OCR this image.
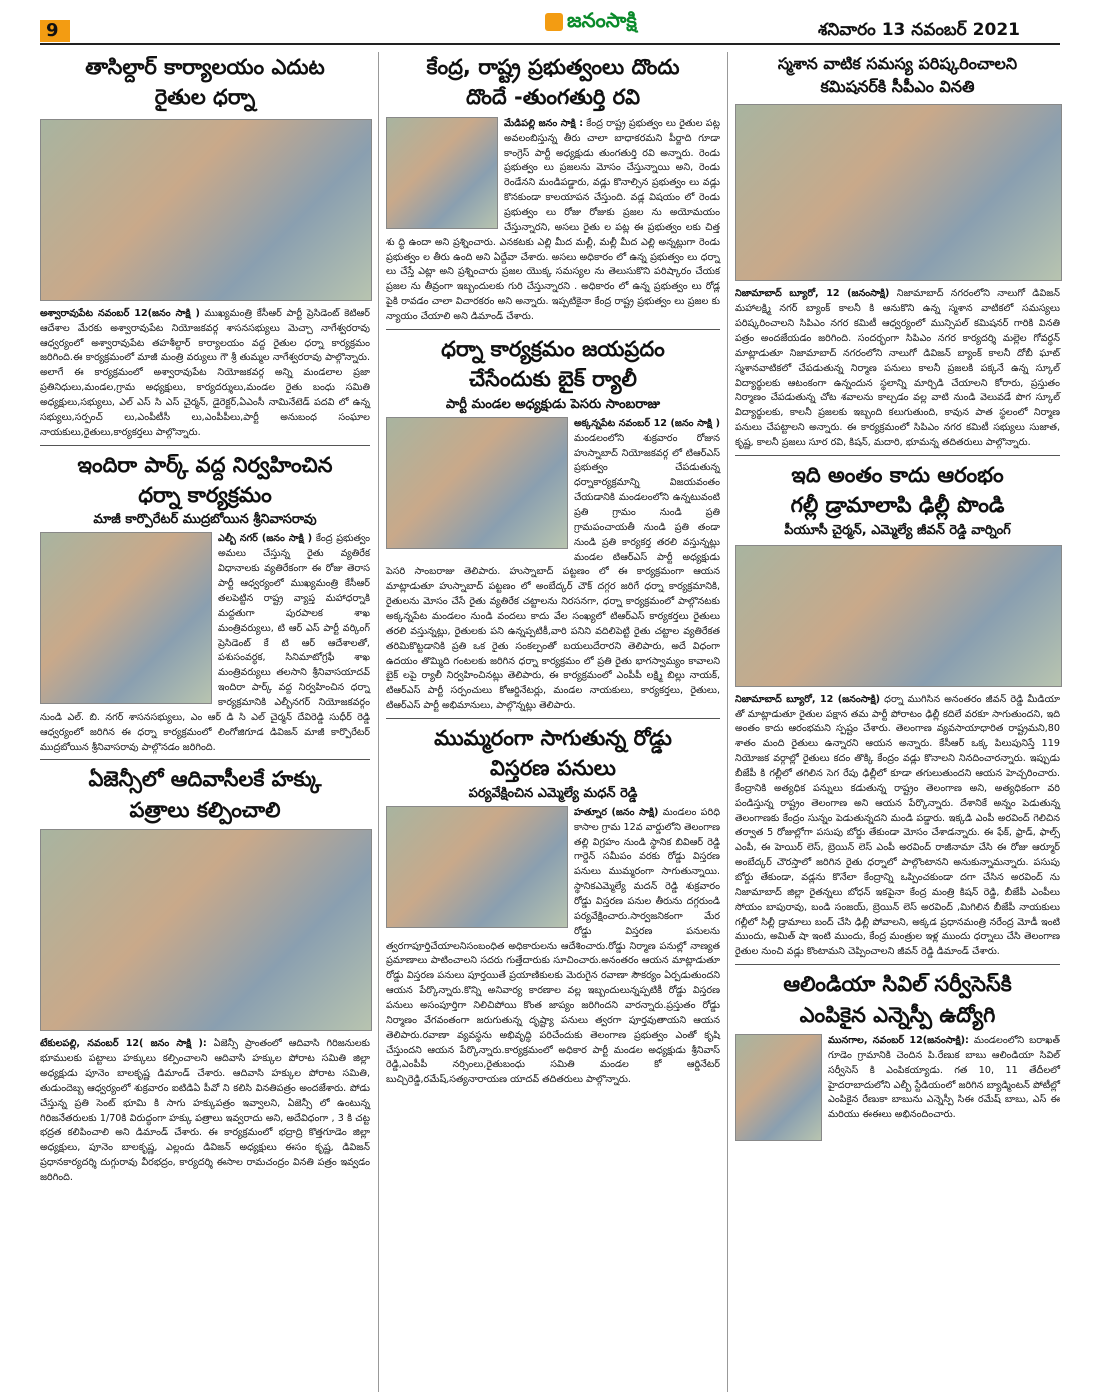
9	జనంసాక్షి	శనివారం 13 నవంబర్ 2021
తాసిల్దార్ కార్యాలయం ఎదుట
రైతుల ధర్నా
అశ్వారావుపేట నవంబర్ 12(జనం సాక్షి ) ముఖ్యమంత్రి కేసీఆర్ పార్టీ ప్రెసిడెంట్ కెటిఆర్ ఆదేశాల మేరకు అశ్వారావుపేట నియోజకవర్గ శాసనసభ్యులు మెచ్చా నాగేశ్వరరావు ఆధ్వర్యంలో అశ్వారావుపేట తహశీల్దార్ కార్యాలయం వద్ద రైతుల ధర్నా కార్యక్రమం జరిగింది.ఈ కార్యక్రమంలో మాజీ మంత్రి వర్యులు గౌ శ్రీ తుమ్మల నాగేశ్వరరావు పాల్గొన్నారు. అలాగే ఈ కార్యక్రమంలో అశ్వారావుపేట నియోజకవర్గ అన్ని మండలాల ప్రజా ప్రతినిధులు,మండల,గ్రామ అధ్యక్షులు, కార్యదర్శులు,మండల రైతు బంధు సమితి అధ్యక్షులు,సభ్యులు, ఎల్ ఎస్ సి ఎస్ చైర్మన్, డైరెక్టర్,ఏఎంసీ నామినేటెడ్ పదవి లో ఉన్న సభ్యులు,సర్పంచ్ లు,ఎంపీటీసీ లు,ఎంపీపీలు,పార్టీ అనుబంధ సంఘాల నాయకులు,రైతులు,కార్యకర్తలు పాల్గొన్నారు.
ఇందిరా పార్క్ వద్ద నిర్వహించిన
ధర్నా కార్యక్రమం
మాజీ కార్పొరేటర్ ముద్రబోయిన శ్రీనివాసరావు
ఎల్బీ నగర్ (జనం సాక్షి ) కేంద్ర ప్రభుత్వం అమలు చేస్తున్న రైతు వ్యతిరేక విధానాలకు వ్యతిరేకంగా ఈ రోజు తెరాస పార్టీ ఆధ్వర్యంలో ముఖ్యమంత్రి కేసీఆర్ తలపెట్టిన రాష్ట్ర వ్యాప్త మహాధర్నాకి మద్దతుగా పురపాలక శాఖ మంత్రివర్యులు, టి ఆర్ ఎస్ పార్టీ వర్కింగ్ ప్రెసిడెంట్ కే టి ఆర్ ఆదేశాలతో, పశుసంవర్ధక, సినిమాటోగ్రఫీ శాఖ మంత్రివర్యులు తలసాని శ్రీనివాసయాదవ్ ఇందిరా పార్క్ వద్ద నిర్వహించిన ధర్నా కార్యక్రమానికి ఎల్బీనగర్ నియోజకవర్గం నుండి ఎల్. బి. నగర్ శాసనసభ్యులు, ఎం ఆర్ డి సి ఎల్ చైర్మన్ దేవిరెడ్డి సుధీర్ రెడ్డి ఆధ్వర్యంలో జరిగిన ఈ ధర్నా కార్యక్రమంలో లింగోజిగూడ డివిజన్ మాజీ కార్పొరేటర్ ముద్రబోయిన శ్రీనివాసరావు పాల్గొనడం జరిగింది.
ఏజెన్సీలో ఆదివాసీలకే హక్కు
పత్రాలు కల్పించాలి
టేకులపల్లి, నవంబర్ 12( జనం సాక్షి ): ఏజెన్సీ ప్రాంతంలో ఆదివాసి గిరిజనులకు భూములకు పట్టాలు హక్కులు కల్పించాలని ఆదివాసి హక్కుల పోరాట సమితి జిల్లా అధ్యక్షుడు పూనెం బాలకృష్ణ డిమాండ్ చేశారు. ఆదివాసి హక్కుల పోరాట సమితి, తుడుందెబ్బ ఆధ్వర్యంలో శుక్రవారం ఐటిడిఏ పీవో ని కలిసి వినతిపత్రం అందజేశారు. పోడు చేస్తున్న ప్రతి సెంట్ భూమి కి సాగు హక్కుపత్రం ఇవ్వాలని, ఏజెన్సీ లో ఉంటున్న గిరిజనేతరులకు 1/70కి విరుద్ధంగా హక్కు పత్రాలు ఇవ్వరాదు అని, అదేవిధంగా , 3 కి చట్ట భద్రత కలిపించాలి అని డిమాండ్ చేశారు. ఈ కార్యక్రమంలో భద్రాద్రి కొత్తగూడెం జిల్లా అధ్యక్షులు, పూనెం బాలకృష్ణ, ఎల్లందు డివిజన్ అధ్యక్షులు ఈసం కృష్ణ, డివిజన్ ప్రధానకార్యదర్శి దుగ్గురావు వీరభద్రం, కార్యదర్శి ఈసాల రామచంద్రం వినతి పత్రం ఇవ్వడం జరిగింది.
కేంద్ర, రాష్ట్ర ప్రభుత్వంలు దొందు
దొందే -తుంగతుర్తి రవి
మేడిపల్లి జనం సాక్షి : కేంద్ర రాష్ట్ర ప్రభుత్వం లు రైతుల పట్ల అవలంబిస్తున్న తీరు చాలా బాధాకరమని పీర్జాది గూడా కాంగ్రెస్ పార్టీ అధ్యక్షుడు తుంగతుర్తి రవి అన్నారు. రెండు ప్రభుత్వం లు ప్రజలను మోసం చేస్తున్నాయి అని, రెండు రెండేనని మండిపడ్డారు, వడ్లు కొనాల్సిన ప్రభుత్వం లు వడ్లు కొనకుండా కాలయాపన చేస్తుంది. వడ్ల విషయం లో రెండు ప్రభుత్వం లు రోజు రోజుకు ప్రజల ను అయోమయం చేస్తున్నారని, అసలు రైతు ల పట్ల ఈ ప్రభుత్వం లకు చిత్త శు ద్ధి ఉందా అని ప్రశ్నించారు. ఎనకటకు ఎల్లి మీద మల్లీ, మల్లీ మీద ఎల్లి అన్నట్లుగా రెండు ప్రభుత్వం ల తీరు ఉంది అని ఏద్దేవా చేశారు. అసలు అధికారం లో ఉన్న ప్రభుత్వం లు ధర్నా లు చేస్తే ఎట్లా అని ప్రశ్నించారు ప్రజల యొక్క సమస్యల ను తెలుసుకొని పరిష్కారం చేయక ప్రజల ను తీవ్రంగా ఇబ్బందులకు గురి చేస్తున్నారని . అధికారం లో ఉన్న ప్రభుత్వం లు రోడ్ల పైకి రావడం చాలా విచారకరం అని అన్నారు. ఇప్పటికైనా కేంద్ర రాష్ట్ర ప్రభుత్వం లు ప్రజల కు న్యాయం చేయాలి అని డిమాండ్ చేశారు.
ధర్నా కార్యక్రమం జయప్రదం
చేసేందుకు బైక్ ర్యాలీ
పార్టీ మండల అధ్యక్షుడు పెసరు సాంబరాజు
అక్కన్నపేట నవంబర్ 12 (జనం సాక్షి ) మండలంలోని శుక్రవారం రోజున హుస్నాబాద్ నియోజకవర్గ లో టిఆర్ఎస్ ప్రభుత్వం చేపడుతున్న ధర్నాకార్యక్రమాన్ని విజయవంతం చేయడానికి మండలంలోని ఉన్నటువంటి ప్రతి గ్రామం నుండి ప్రతి గ్రామపంచాయతీ నుండి ప్రతి తండా నుండి ప్రతి కార్యకర్త తరలి వస్తున్నట్లు మండల టిఆర్ఎస్ పార్టీ అధ్యక్షుడు పెసరి సాంబరాజు తెలిపారు. హుస్నాబాద్ పట్టణం లో ఈ కార్యక్రమంగా ఆయన మాట్లాడుతూ హుస్నాబాద్ పట్టణం లో అంబేద్కర్ చౌక్ దగ్గర జరిగే ధర్నా కార్యక్రమానికి, రైతులను మోసం చేసే రైతు వ్యతిరేక చట్టాలను నిరసనగా, ధర్నా కార్యక్రమంలో పాల్గొనటకు అక్కన్నపేట మండలం నుండి వందలు కాదు వేల సంఖ్యలో టిఆర్ఎస్ కార్యకర్తలు రైతులు తరలి వస్తున్నట్లు, రైతులకు పని ఉన్నప్పటికీ,వారి పనిని వదిలిపెట్టి రైతు చట్టాల వ్యతిరేకత తరిమికొట్టడానికి ప్రతి ఒక రైతు సంకల్పంతో బయలుదేరారని తెలిపారు, అదే విధంగా ఉదయం తొమ్మిది గంటలకు జరిగిన ధర్నా కార్యక్రమం లో ప్రతి రైతు భాగస్వామ్యం కావాలని బైక్ లపై ర్యాలీ నిర్వహించినట్లు తెలిపారు, ఈ కార్యక్రమంలో ఎంపీపీ లక్ష్మి బిల్లు నాయక్, టిఆర్ఎస్ పార్టీ సర్పంచులు కోఆర్డినేటర్లు, మండల నాయకులు, కార్యకర్తలు, రైతులు, టిఆర్ఎస్ పార్టీ అభిమానులు, పాల్గొన్నట్లు తెలిపారు.
ముమ్మరంగా సాగుతున్న రోడ్డు
విస్తరణ పనులు
పర్యవేక్షించిన ఎమ్మెల్యే మధన్ రెడ్డి
హత్నూర (జనం సాక్షి) మండలం పరిధి కాసాల గ్రామ 12వ వార్డులోని తెలంగాణ తల్లి విగ్రహం నుండి స్థానిక బివిఆర్ రెడ్డి గార్డెన్ సమీపం వరకు రోడ్డు విస్తరణ పనులు ముమ్మరంగా సాగుతున్నాయి. స్థానికఎమ్మెల్యే మదన్ రెడ్డి శుక్రవారం రోడ్డు విస్తరణ పనుల తీరును దగ్గరుండి పర్యవేక్షించారు.సార్వజనికంగా మేర రోడ్డు విస్తరణ పనులను త్వరగాపూర్తిచేయాలనిసంబంధిత అధికారులను ఆదేశించారు.రోడ్డు నిర్మాణ పనుల్లో నాణ్యత ప్రమాణాలు పాటించాలని సదరు గుత్తేదారుకు సూచించారు.అనంతరం ఆయన మాట్లాడుతూ రోడ్డు విస్తరణ పనులు పూర్తయితే ప్రయాణికులకు మెరుగైన రవాణా సౌకర్యం ఏర్పడుతుందని ఆయన పేర్కొన్నారు.కొన్ని అనివార్య కారణాల వల్ల ఇబ్బందులున్నప్పటికీ రోడ్డు విస్తరణ పనులు అసంపూర్తిగా నిలిచిపోయి కొంత జాప్యం జరిగిందని వారన్నారు.ప్రస్తుతం రోడ్డు నిర్మాణం వేగవంతంగా జరుగుతున్న దృష్ట్యా పనులు త్వరగా పూర్తవుతాయని ఆయన తెలిపారు.రవాణా వ్యవస్థను అభివృద్ధి పరిచేందుకు తెలంగాణ ప్రభుత్వం ఎంతో కృషి చేస్తుందని ఆయన పేర్కొన్నారు.కార్యక్రమంలో అధికార పార్టీ మండల అధ్యక్షుడు శ్రీనివాస్ రెడ్డి,ఎంపీపీ నర్సింలు,రైతుబంధు సమితి మండల కో ఆర్డినేటర్ బుచ్చిరెడ్డి,రమేష్,సత్యనారాయణ యాదవ్ తదితరులు పాల్గొన్నారు.
స్మశాన వాటిక సమస్య పరిష్కరించాలని
కమిషనర్‌కి సీపీఎం వినతి
నిజామాబాద్ బ్యూరో, 12 (జనంసాక్షి) నిజామాబాద్ నగరంలోని నాలుగో డివిజన్ మహాలక్ష్మి నగర్ బ్యాంక్ కాలనీ కి ఆనుకొని ఉన్న స్మశాన వాటికలో సమస్యలు పరిష్కరించాలని సిపిఎం నగర కమిటీ ఆధ్వర్యంలో మున్సిపల్ కమిషనర్ గారికి వినతి పత్రం అందజేయడం జరిగింది. సందర్భంగా సిపిఎం నగర కార్యదర్శి మల్లెల గోవర్ధన్ మాట్లాడుతూ నిజామాబాద్ నగరంలోని నాలుగో డివిజన్ బ్యాంక్ కాలనీ దోబీ ఘాట్ స్మశానవాటికలో చేపడుతున్న నిర్మాణ పనులు కాలనీ ప్రజలకి పక్కనే ఉన్న స్కూల్ విద్యార్థులకు ఆటంకంగా ఉన్నందున స్థలాన్ని మార్చిడి చేయాలని కోరారు, ప్రస్తుతం నిర్మాణం చేపడుతున్న చోట శవాలను కాల్చడం వల్ల వాటి నుండి వెలువడే పొగ స్కూల్ విద్యార్థులకు, కాలనీ ప్రజలకు ఇబ్బంది కలుగుతుంది, కావున పాత స్థలంలో నిర్మాణ పనులు చేపట్టాలని అన్నారు. ఈ కార్యక్రమంలో సిపిఎం నగర కమిటీ సభ్యులు సుజాత, కృష్ణ, కాలనీ ప్రజలు సూర రవి, కిషన్, మదారి, భూమన్న తదితరులు పాల్గొన్నారు.
ఇది అంతం కాదు ఆరంభం
గల్లీ డ్రామాలాపి ఢిల్లీ పొండి
పీయూసీ చైర్మన్, ఎమ్మెల్యే జీవన్ రెడ్డి వార్నింగ్
నిజామాబాద్ బ్యూరో, 12 (జనంసాక్షి) ధర్నా ముగిసిన అనంతరం జీవన్ రెడ్డి మీడియా తో మాట్లాడుతూ రైతుల పక్షాన తమ పార్టీ పోరాటం ఢిల్లీ కదిలే వరకూ సాగుతుందని, ఇది అంతం కాదు ఆరంభమని స్పష్టం చేశారు. తెలంగాణ వ్యవసాయాధారిత రాష్ట్రమని,80 శాతం మంది రైతులు ఉన్నారని ఆయన అన్నారు. కేసీఆర్ ఒక్క పిలుపునిస్తే 119 నియోజక వర్గాల్లో రైతులు కదం తొక్కి కేంద్రం వడ్లు కొనాలని నినదించారన్నారు. ఇప్పుడు బీజేపీ కి గల్లీలో తగిలిన సెగ రేపు ఢిల్లీలో కూడా తగులుతుందని ఆయన హెచ్చరించారు. కేంద్రానికి అత్యధిక పన్నులు కడుతున్న రాష్ట్రం తెలంగాణ అని, అత్యధికంగా వరి పండిస్తున్న రాష్ట్రం తెలంగాణ అని ఆయన పేర్కొన్నారు. దేశానికే అన్నం పెడుతున్న తెలంగాణకు కేంద్రం సున్నం పెడుతున్నదని మండి పడ్డారు. ఇక్కడి ఎంపీ అరవింద్ గెలిచిన తర్వాత 5 రోజుల్లోగా పసుపు బోర్డు తేకుండా మోసం చేశాడన్నారు. ఈ ఫేక్, ఫ్రాడ్, ఫాల్స్ ఎంపీ, ఈ హెయిర్ లెస్, బ్రెయిన్ లెస్ ఎంపీ అరవింద్ రాజీనామా చేసి ఈ రోజు ఆర్మూర్ అంబేద్కర్ చౌరస్తాలో జరిగిన రైతు ధర్నాలో పాల్గొంటానని అనుకున్నామన్నారు. పసుపు బోర్డు తేకుండా, వడ్లను కొనేలా కేంద్రాన్ని ఒప్పించకుండా దగా చేసిన అరవింద్ ను నిజామాబాద్ జిల్లా రైతన్నలు బోధన్ ఇకపైనా కేంద్ర మంత్రి కిషన్ రెడ్డి, బీజేపీ ఎంపీలు సోయం బాపురావు, బండి సంజయ్, బ్రెయిన్ లెస్ అరవింద్ ,మిగిలిన బీజేపీ నాయకులు గల్లీలో సిల్లీ డ్రామాలు బంద్ చేసి ఢిల్లీ పోవాలని, అక్కడ ప్రధానమంత్రి నరేంద్ర మోడీ ఇంటి ముందు, అమిత్ షా ఇంటి ముందు, కేంద్ర మంత్రుల ఇళ్ల ముందు ధర్నాలు చేసి తెలంగాణ రైతుల నుంచి వడ్లు కొంటామని చెప్పించాలని జీవన్ రెడ్డి డిమాండ్ చేశారు.
ఆలిండియా సివిల్ సర్వీసెస్‌కి
ఎంపికైన ఎన్నెస్పీ ఉద్యోగి
మునగాల, నవంబర్ 12(జనంసాక్షి): మండలంలోని బరాఖత్ గూడెం గ్రామానికి చెందిన పి.రేణుక బాబు ఆలిండియా సివిల్ సర్వీసెస్ కి ఎంపికయ్యాడు. గత 10, 11 తేదీలలో హైదరాబాదులోని ఎల్బీ స్టేడియంలో జరిగిన బ్యాడ్మింటన్ పోటీల్లో ఎంపికైన రేణుకా బాబును ఎన్నెస్పీ సిఈ రమేష్ బాబు, ఎస్ ఈ మరియు ఈఈలు అభినందించారు.
